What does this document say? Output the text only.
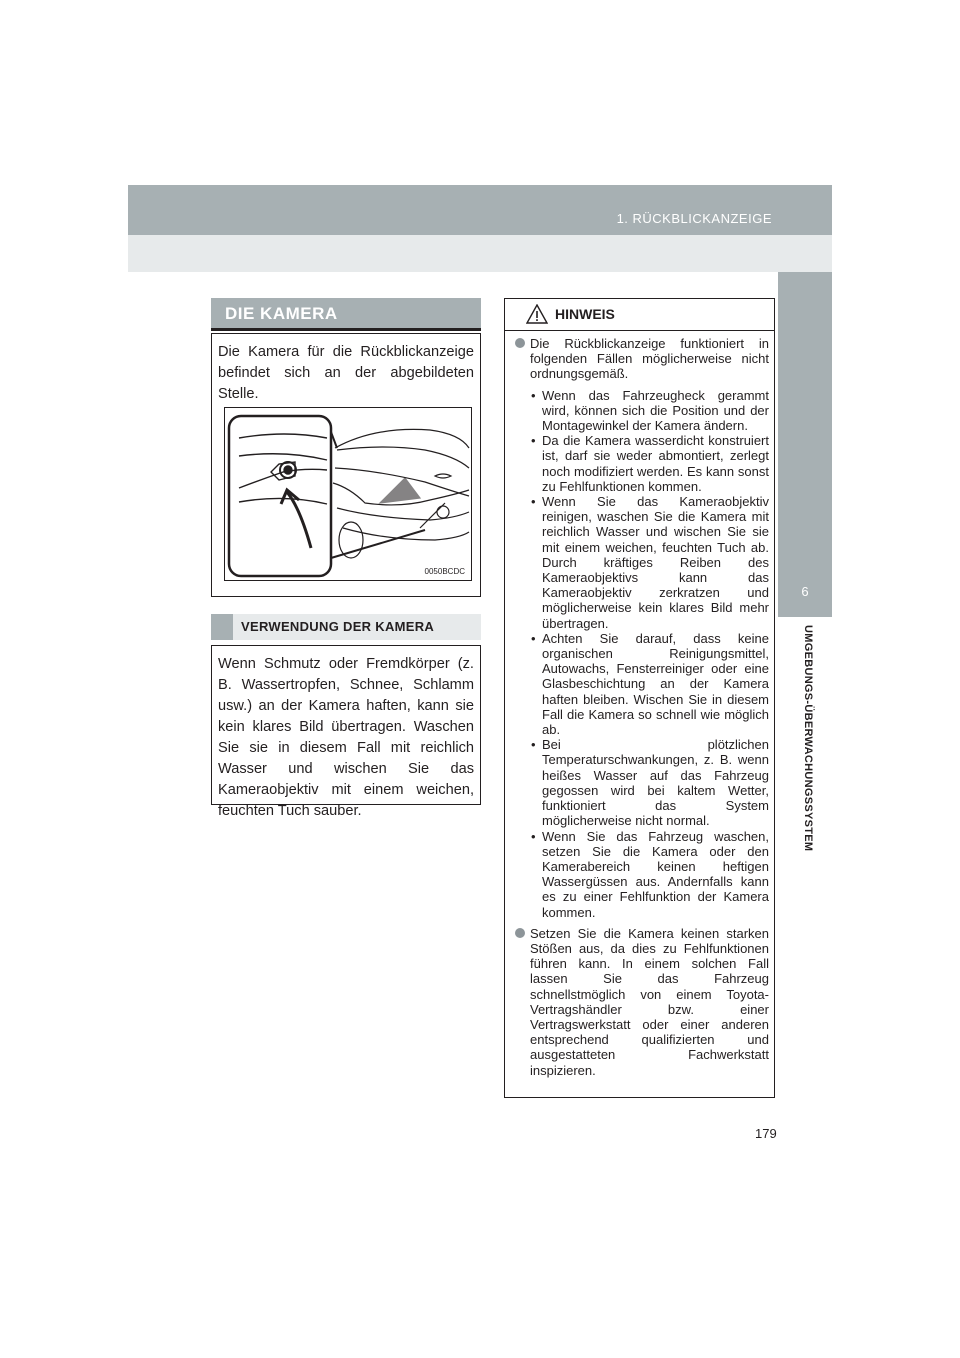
1. RÜCKBLICKANZEIGE
6
UMGEBUNGS-ÜBERWACHUNGSSYSTEM
DIE KAMERA

Die Kamera für die Rückblickanzeige befindet sich an der abgebildeten Stelle.

0050BCDC
VERWENDUNG DER KAMERA

Wenn Schmutz oder Fremdkörper (z. B. Wassertropfen, Schnee, Schlamm usw.) an der Kamera haften, kann sie kein klares Bild übertragen. Waschen Sie sie in diesem Fall mit reichlich Wasser und wischen Sie das Kameraobjektiv mit einem weichen, feuchten Tuch sauber.

HINWEIS
Die Rückblickanzeige funktioniert in folgenden Fällen möglicherweise nicht ordnungsgemäß.
• Wenn das Fahrzeugheck gerammt wird, können sich die Position und der Montagewinkel der Kamera ändern.
• Da die Kamera wasserdicht konstruiert ist, darf sie weder abmontiert, zerlegt noch modifiziert werden. Es kann sonst zu Fehlfunktionen kommen.
• Wenn Sie das Kameraobjektiv reinigen, waschen Sie die Kamera mit reichlich Wasser und wischen Sie sie mit einem weichen, feuchten Tuch ab. Durch kräftiges Reiben des Kameraobjektivs kann das Kameraobjektiv zerkratzen und möglicherweise kein klares Bild mehr übertragen.
• Achten Sie darauf, dass keine organischen Reinigungsmittel, Autowachs, Fensterreiniger oder eine Glasbeschichtung an der Kamera haften bleiben. Wischen Sie in diesem Fall die Kamera so schnell wie möglich ab.
• Bei plötzlichen Temperaturschwankungen, z. B. wenn heißes Wasser auf das Fahrzeug gegossen wird bei kaltem Wetter, funktioniert das System möglicherweise nicht normal.
• Wenn Sie das Fahrzeug waschen, setzen Sie die Kamera oder den Kamerabereich keinen heftigen Wassergüssen aus. Andernfalls kann es zu einer Fehlfunktion der Kamera kommen.
Setzen Sie die Kamera keinen starken Stößen aus, da dies zu Fehlfunktionen führen kann. In einem solchen Fall lassen Sie das Fahrzeug schnellstmöglich von einem Toyota-Vertragshändler bzw. einer Vertragswerkstatt oder einer anderen entsprechend qualifizierten und ausgestatteten Fachwerkstatt inspizieren.
179
